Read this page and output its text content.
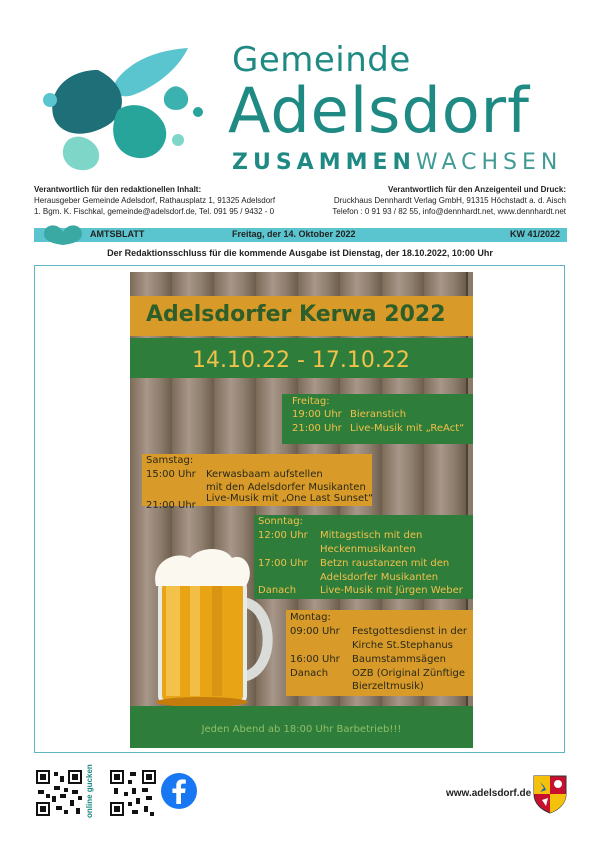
Gemeinde
Adelsdorf
ZUSAMMENWACHSEN
Verantwortlich für den redaktionellen Inhalt:
Herausgeber Gemeinde Adelsdorf, Rathausplatz 1, 91325 Adelsdorf
1. Bgm. K. Fischkal, gemeinde@adelsdorf.de, Tel. 091 95 / 9432 - 0
Verantwortlich für den Anzeigenteil und Druck:
Druckhaus Dennhardt Verlag GmbH, 91315 Höchstadt a. d. Aisch
Telefon : 0 91 93 / 82 55, info@dennhardt.net, www.dennhardt.net
AMTSBLATT	Freitag, der 14. Oktober 2022	KW 41/2022
Der Redaktionsschluss für die kommende Ausgabe ist Dienstag, der 18.10.2022, 10:00 Uhr
Adelsdorfer Kerwa 2022
14.10.22 - 17.10.22
Freitag:
19:00 Uhr Bieranstich
21:00 Uhr Live-Musik mit „ReAct“
Samstag:
15:00 Uhr Kerwasbaam aufstellen
mit den Adelsdorfer Musikanten
21:00 Uhr
Live-Musik mit „One Last Sunset“
Sonntag:
12:00 Uhr Mittagstisch mit den
Heckenmusikanten
17:00 Uhr Betzn raustanzen mit den
Adelsdorfer Musikanten
Danach Live-Musik mit Jürgen Weber
Montag:
09:00 Uhr Festgottesdienst in der
Kirche St.Stephanus
16:00 Uhr Baumstammsägen
Danach OZB (Original Zünftige
Bierzeltmusik)
Jeden Abend ab 18:00 Uhr Barbetrieb!!!
online gucken	www.adelsdorf.de
